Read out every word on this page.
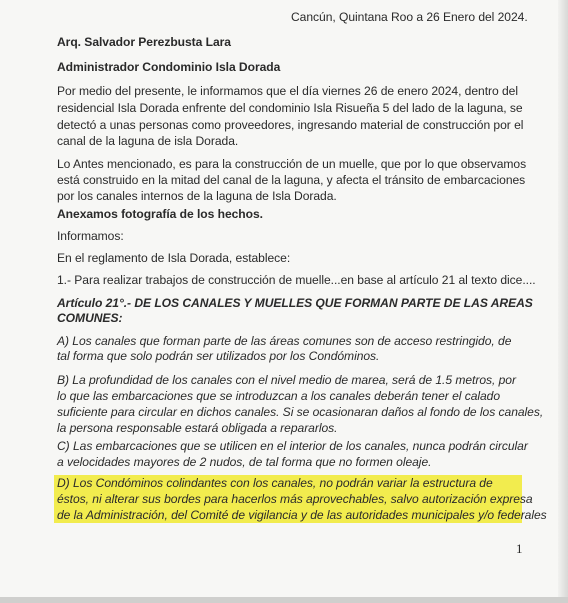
Cancún, Quintana Roo a 26 Enero del 2024.
Arq. Salvador Perezbusta Lara
Administrador Condominio Isla Dorada
Por medio del presente, le informamos que el día viernes 26 de enero 2024, dentro del
residencial Isla Dorada enfrente del condominio Isla Risueña 5 del lado de la laguna, se
detectó a unas personas como proveedores, ingresando material de construcción por el
canal de la laguna de isla Dorada.
Lo Antes mencionado, es para la construcción de un muelle, que por lo que observamos
está construido en la mitad del canal de la laguna, y afecta el tránsito de embarcaciones
por los canales internos de la laguna de Isla Dorada.
Anexamos fotografía de los hechos.
Informamos:
En el reglamento de Isla Dorada, establece:
1.- Para realizar trabajos de construcción de muelle...en base al artículo 21 al texto dice....
Artículo 21°.- DE LOS CANALES Y MUELLES QUE FORMAN PARTE DE LAS AREAS
COMUNES:
A) Los canales que forman parte de las áreas comunes son de acceso restringido, de
tal forma que solo podrán ser utilizados por los Condóminos.
B) La profundidad de los canales con el nivel medio de marea, será de 1.5 metros, por
lo que las embarcaciones que se introduzcan a los canales deberán tener el calado
suficiente para circular en dichos canales. Si se ocasionaran daños al fondo de los canales,
la persona responsable estará obligada a repararlos.
C) Las embarcaciones que se utilicen en el interior de los canales, nunca podrán circular
a velocidades mayores de 2 nudos, de tal forma que no formen oleaje.
D) Los Condóminos colindantes con los canales, no podrán variar la estructura de
éstos, ni alterar sus bordes para hacerlos más aprovechables, salvo autorización expresa
de la Administración, del Comité de vigilancia y de las autoridades municipales y/o federales
1
